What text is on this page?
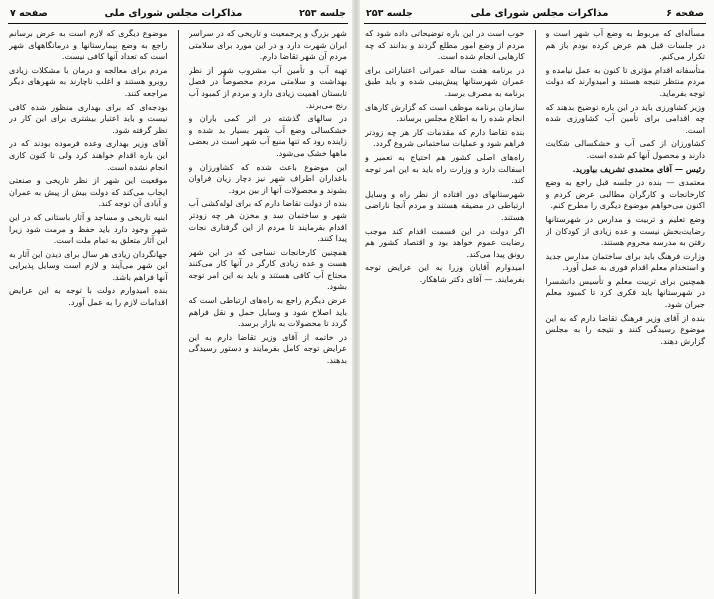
جلسه ۲۵۳
مذاکرات مجلس شورای ملی
صفحه ۷

شهر بزرگ و پرجمعیت و تاریخی که در سراسر ایران شهرت دارد و در این مورد برای سلامتی مردم آن شهر تقاضا دارم.

تهیه آب و تأمین آب مشروب شهر از نظر بهداشت و سلامتی مردم مخصوصاً در فصل تابستان اهمیت زیادی دارد و مردم از کمبود آب رنج می‌برند.

در سالهای گذشته در اثر کمی باران و خشکسالی وضع آب شهر بسیار بد شده و زاینده رود که تنها منبع آب شهر است در بعضی ماهها خشک می‌شود.

این موضوع باعث شده که کشاورزان و باغداران اطراف شهر نیز دچار زیان فراوان بشوند و محصولات آنها از بین برود.

بنده از دولت تقاضا دارم که برای لوله‌کشی آب شهر و ساختمان سد و مخزن هر چه زودتر اقدام بفرمایند تا مردم از این گرفتاری نجات پیدا کنند.

همچنین کارخانجات نساجی که در این شهر هست و عده زیادی کارگر در آنها کار می‌کنند محتاج آب کافی هستند و باید به این امر توجه بشود.

عرض دیگرم راجع به راه‌های ارتباطی است که باید اصلاح شود و وسایل حمل و نقل فراهم گردد تا محصولات به بازار برسد.

در خاتمه از آقای وزیر تقاضا دارم به این عرایض توجه کامل بفرمایند و دستور رسیدگی بدهند.

موضوع دیگری که لازم است به عرض برسانم راجع به وضع بیمارستانها و درمانگاههای شهر است که تعداد آنها کافی نیست.

مردم برای معالجه و درمان با مشکلات زیادی روبرو هستند و اغلب ناچارند به شهرهای دیگر مراجعه کنند.

بودجه‌ای که برای بهداری منظور شده کافی نیست و باید اعتبار بیشتری برای این کار در نظر گرفته شود.

آقای وزیر بهداری وعده فرموده بودند که در این باره اقدام خواهند کرد ولی تا کنون کاری انجام نشده است.

موقعیت این شهر از نظر تاریخی و صنعتی ایجاب می‌کند که دولت بیش از پیش به عمران و آبادی آن توجه کند.

ابنیه تاریخی و مساجد و آثار باستانی که در این شهر وجود دارد باید حفظ و مرمت شود زیرا این آثار متعلق به تمام ملت است.

جهانگردان زیادی هر سال برای دیدن این آثار به این شهر می‌آیند و لازم است وسایل پذیرایی آنها فراهم باشد.

بنده امیدوارم دولت با توجه به این عرایض اقدامات لازم را به عمل آورد.

صفحه ۶
مذاکرات مجلس شورای ملی
جلسه ۲۵۳

مسأله‌ای که مربوط به وضع آب شهر است و در جلسات قبل هم عرض کرده بودم باز هم تکرار می‌کنم.

متأسفانه اقدام مؤثری تا کنون به عمل نیامده و مردم منتظر نتیجه هستند و امیدوارند که دولت توجه بفرماید.

وزیر کشاورزی باید در این باره توضیح بدهند که چه اقدامی برای تأمین آب کشاورزی شده است.

کشاورزان از کمی آب و خشکسالی شکایت دارند و محصول آنها کم شده است.

رئیس — آقای معتمدی تشریف بیاورید.

معتمدی — بنده در جلسه قبل راجع به وضع کارخانجات و کارگران مطالبی عرض کردم و اکنون می‌خواهم موضوع دیگری را مطرح کنم.

وضع تعلیم و تربیت و مدارس در شهرستانها رضایت‌بخش نیست و عده زیادی از کودکان از رفتن به مدرسه محروم هستند.

وزارت فرهنگ باید برای ساختمان مدارس جدید و استخدام معلم اقدام فوری به عمل آورد.

همچنین برای تربیت معلم و تأسیس دانشسرا در شهرستانها باید فکری کرد تا کمبود معلم جبران شود.

بنده از آقای وزیر فرهنگ تقاضا دارم که به این موضوع رسیدگی کنند و نتیجه را به مجلس گزارش دهند.

خوب است در این باره توضیحاتی داده شود که مردم از وضع امور مطلع گردند و بدانند که چه کارهایی انجام شده است.

در برنامه هفت ساله عمرانی اعتباراتی برای عمران شهرستانها پیش‌بینی شده و باید طبق برنامه به مصرف برسد.

سازمان برنامه موظف است که گزارش کارهای انجام شده را به اطلاع مجلس برساند.

بنده تقاضا دارم که مقدمات کار هر چه زودتر فراهم شود و عملیات ساختمانی شروع گردد.

راه‌های اصلی کشور هم احتیاج به تعمیر و اسفالت دارد و وزارت راه باید به این امر توجه کند.

شهرستانهای دور افتاده از نظر راه و وسایل ارتباطی در مضیقه هستند و مردم آنجا ناراضی هستند.

اگر دولت در این قسمت اقدام کند موجب رضایت عموم خواهد بود و اقتصاد کشور هم رونق پیدا می‌کند.

امیدوارم آقایان وزرا به این عرایض توجه بفرمایند. — آقای دکتر شاهکار.
